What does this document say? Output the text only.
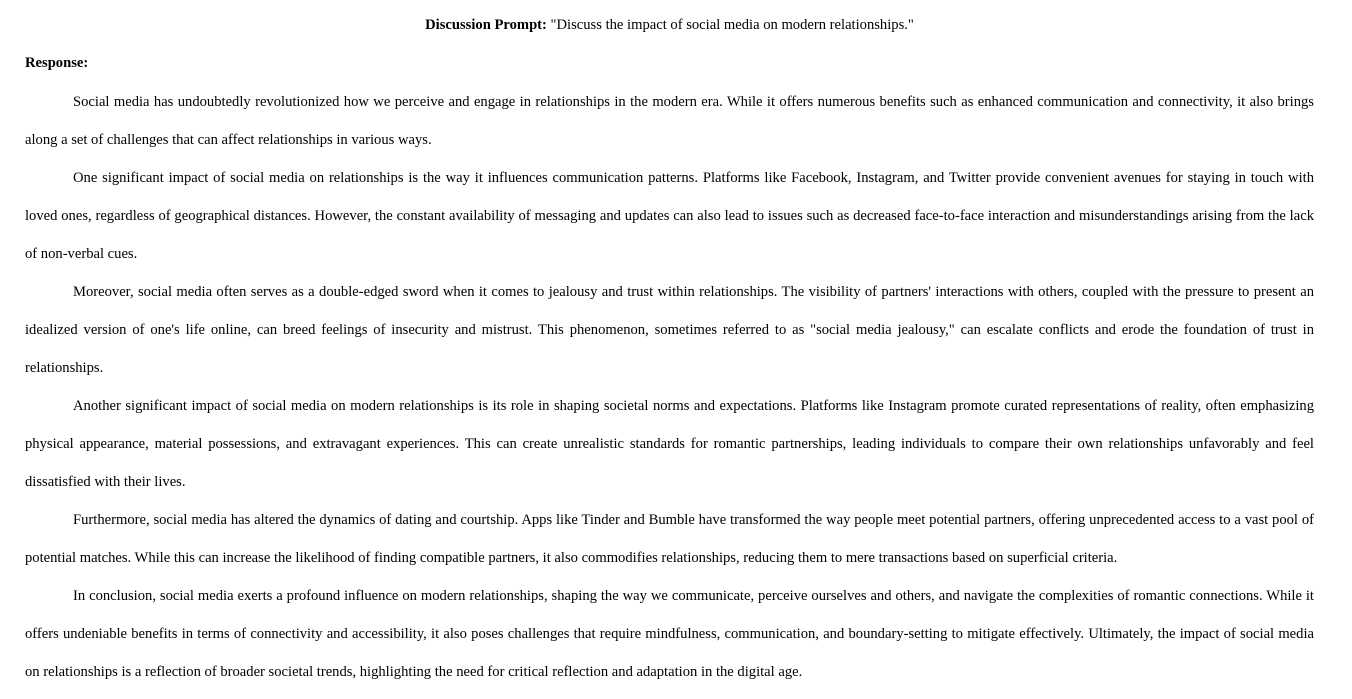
Discussion Prompt: "Discuss the impact of social media on modern relationships."
Response:

Social media has undoubtedly revolutionized how we perceive and engage in relationships in the modern era. While it offers numerous benefits such as enhanced communication and connectivity, it also brings along a set of challenges that can affect relationships in various ways.

One significant impact of social media on relationships is the way it influences communication patterns. Platforms like Facebook, Instagram, and Twitter provide convenient avenues for staying in touch with loved ones, regardless of geographical distances. However, the constant availability of messaging and updates can also lead to issues such as decreased face-to-face interaction and misunderstandings arising from the lack of non-verbal cues.

Moreover, social media often serves as a double-edged sword when it comes to jealousy and trust within relationships. The visibility of partners' interactions with others, coupled with the pressure to present an idealized version of one's life online, can breed feelings of insecurity and mistrust. This phenomenon, sometimes referred to as "social media jealousy," can escalate conflicts and erode the foundation of trust in relationships.

Another significant impact of social media on modern relationships is its role in shaping societal norms and expectations. Platforms like Instagram promote curated representations of reality, often emphasizing physical appearance, material possessions, and extravagant experiences. This can create unrealistic standards for romantic partnerships, leading individuals to compare their own relationships unfavorably and feel dissatisfied with their lives.

Furthermore, social media has altered the dynamics of dating and courtship. Apps like Tinder and Bumble have transformed the way people meet potential partners, offering unprecedented access to a vast pool of potential matches. While this can increase the likelihood of finding compatible partners, it also commodifies relationships, reducing them to mere transactions based on superficial criteria.

In conclusion, social media exerts a profound influence on modern relationships, shaping the way we communicate, perceive ourselves and others, and navigate the complexities of romantic connections. While it offers undeniable benefits in terms of connectivity and accessibility, it also poses challenges that require mindfulness, communication, and boundary-setting to mitigate effectively. Ultimately, the impact of social media on relationships is a reflection of broader societal trends, highlighting the need for critical reflection and adaptation in the digital age.
